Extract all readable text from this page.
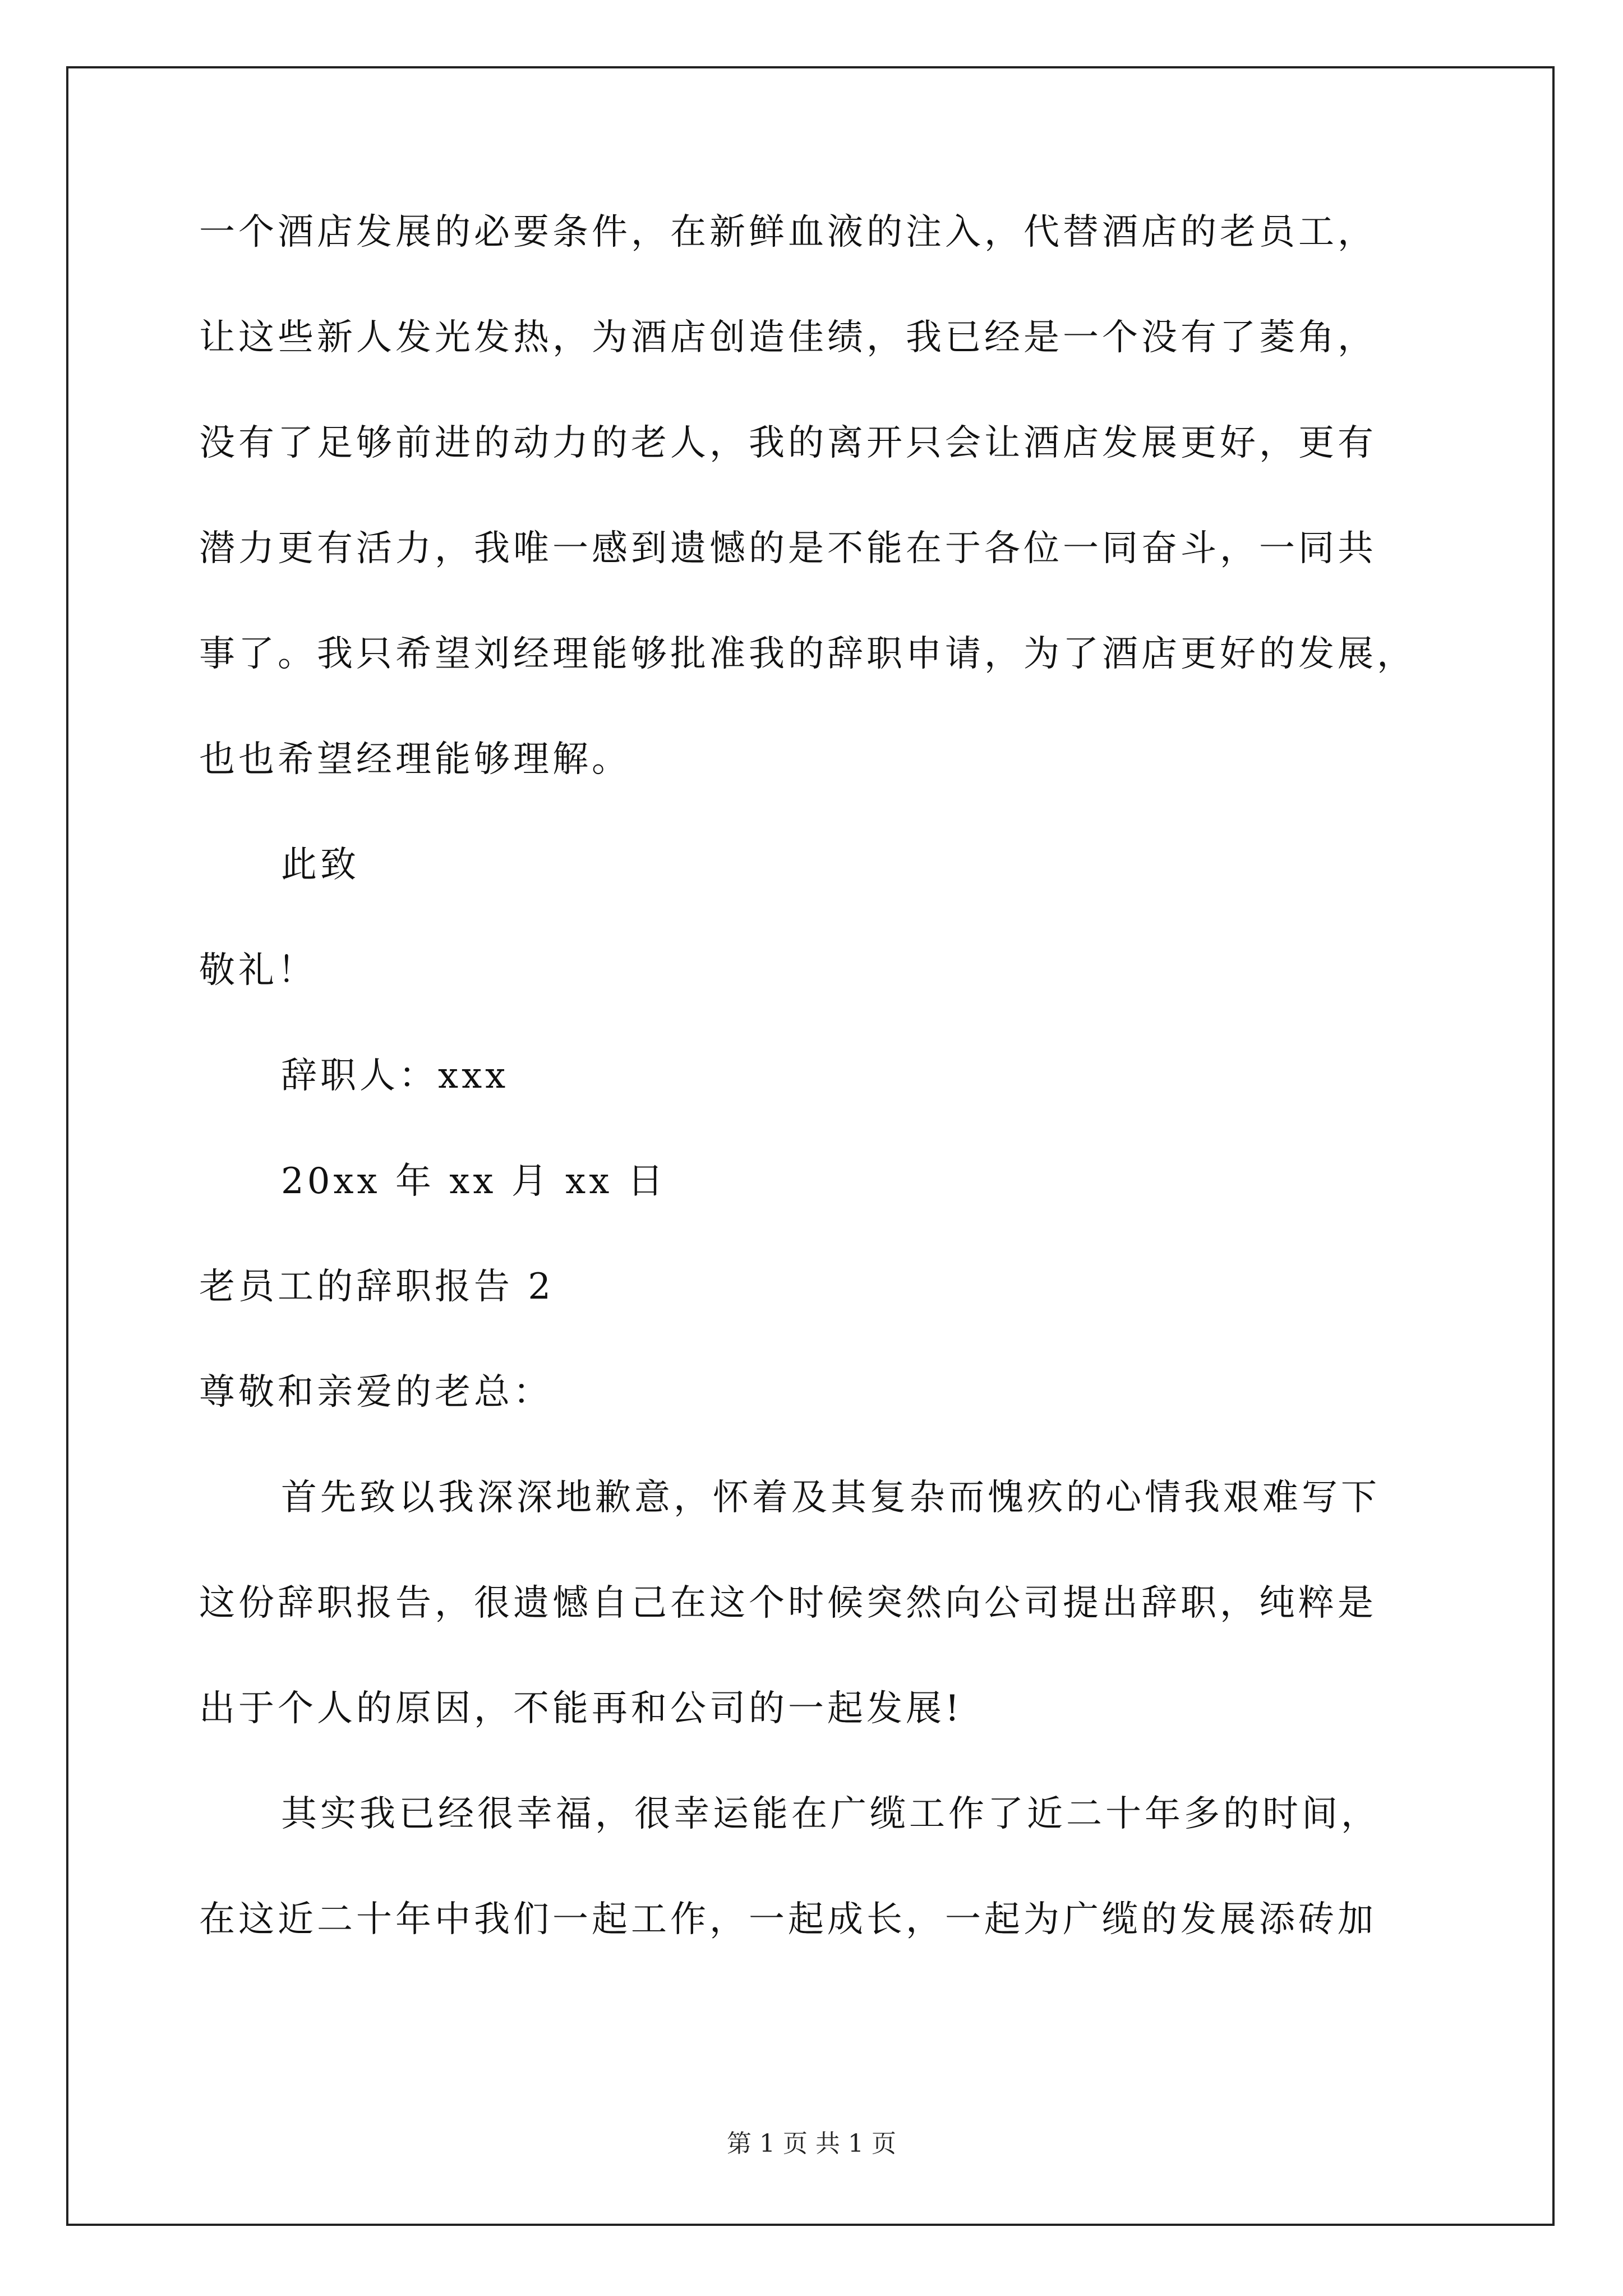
一个酒店发展的必要条件，在新鲜血液的注入，代替酒店的老员工，
让这些新人发光发热，为酒店创造佳绩，我已经是一个没有了菱角，
没有了足够前进的动力的老人，我的离开只会让酒店发展更好，更有
潜力更有活力，我唯一感到遗憾的是不能在于各位一同奋斗，一同共
事了。我只希望刘经理能够批准我的辞职申请，为了酒店更好的发展，
也也希望经理能够理解。
此致
敬礼！
辞职人：xxx
20xx 年 xx 月 xx 日
老员工的辞职报告 2
尊敬和亲爱的老总：
首先致以我深深地歉意，怀着及其复杂而愧疚的心情我艰难写下
这份辞职报告，很遗憾自己在这个时候突然向公司提出辞职，纯粹是
出于个人的原因，不能再和公司的一起发展!
其实我已经很幸福，很幸运能在广缆工作了近二十年多的时间，
在这近二十年中我们一起工作，一起成长，一起为广缆的发展添砖加
第 1 页 共 1 页
